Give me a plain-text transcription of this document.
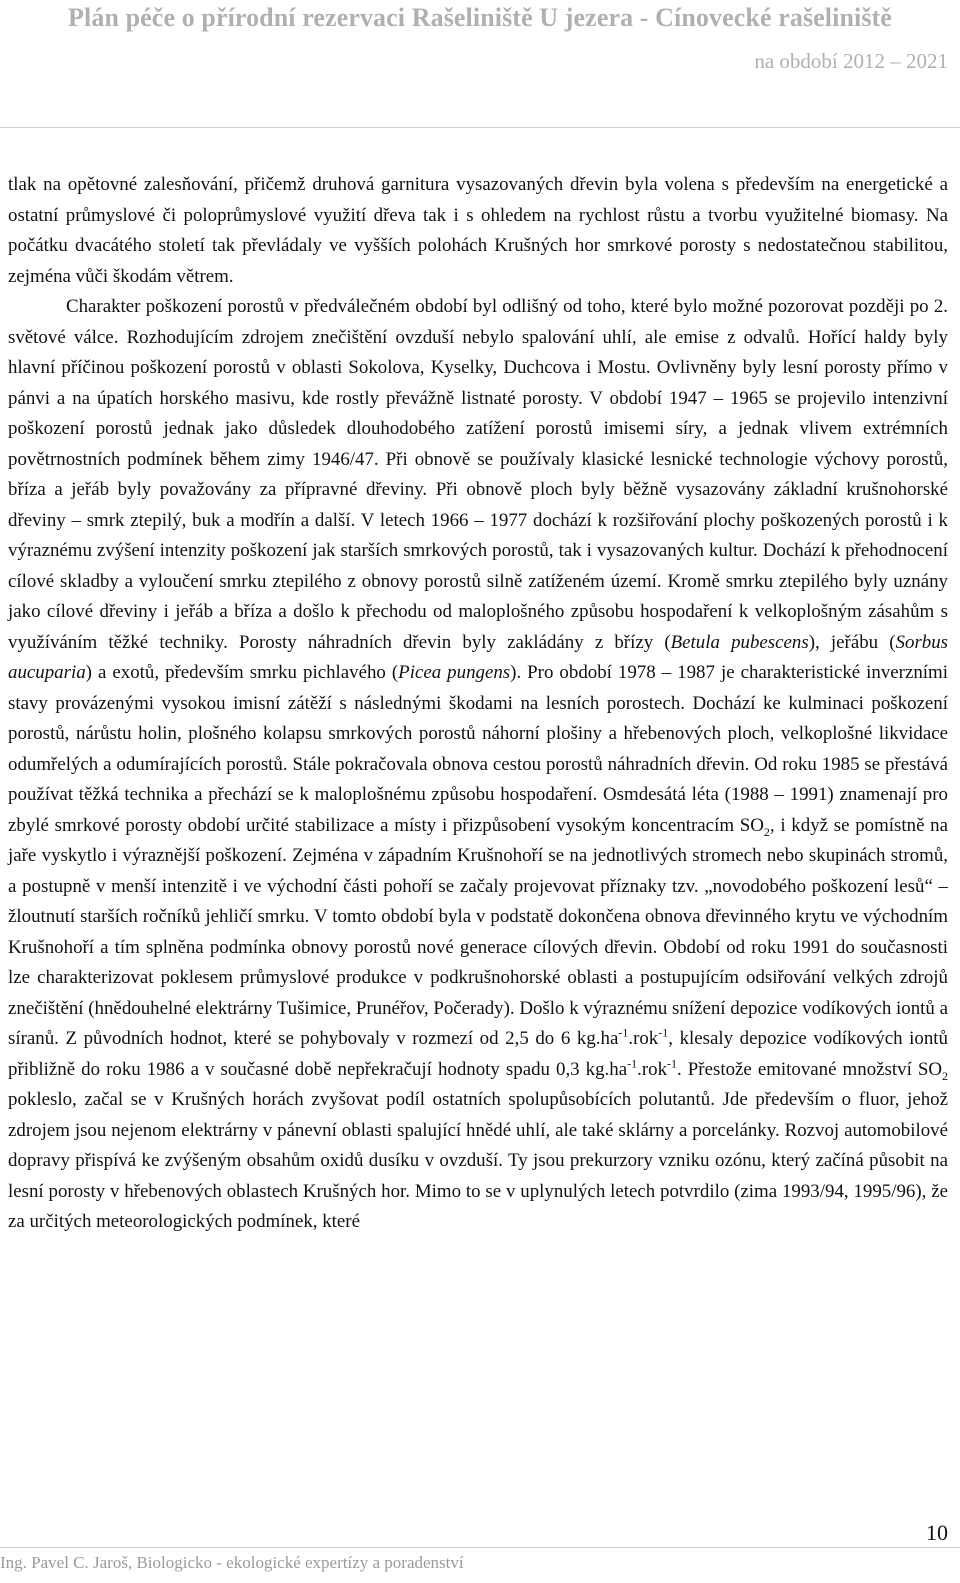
Plán péče o přírodní rezervaci Rašeliniště U jezera - Cínovecké rašeliniště
na období 2012 – 2021

tlak na opětovné zalesňování, přičemž druhová garnitura vysazovaných dřevin byla volena s především na energetické a ostatní průmyslové či poloprůmyslové využití dřeva tak i s ohledem na rychlost růstu a tvorbu využitelné biomasy. Na počátku dvacátého století tak převládaly ve vyšších polohách Krušných hor smrkové porosty s nedostatečnou stabilitou, zejména vůči škodám větrem.

Charakter poškození porostů v předválečném období byl odlišný od toho, které bylo možné pozorovat později po 2. světové válce. Rozhodujícím zdrojem znečištění ovzduší nebylo spalování uhlí, ale emise z odvalů. Hořící haldy byly hlavní příčinou poškození porostů v oblasti Sokolova, Kyselky, Duchcova i Mostu. Ovlivněny byly lesní porosty přímo v pánvi a na úpatích horského masivu, kde rostly převážně listnaté porosty. V období 1947 – 1965 se projevilo intenzivní poškození porostů jednak jako důsledek dlouhodobého zatížení porostů imisemi síry, a jednak vlivem extrémních povětrnostních podmínek během zimy 1946/47. Při obnově se používaly klasické lesnické technologie výchovy porostů, bříza a jeřáb byly považovány za přípravné dřeviny. Při obnově ploch byly běžně vysazovány základní krušnohorské dřeviny – smrk ztepilý, buk a modřín a další. V letech 1966 – 1977 dochází k rozšiřování plochy poškozených porostů i k výraznému zvýšení intenzity poškození jak starších smrkových porostů, tak i vysazovaných kultur. Dochází k přehodnocení cílové skladby a vyloučení smrku ztepilého z obnovy porostů silně zatíženém území. Kromě smrku ztepilého byly uznány jako cílové dřeviny i jeřáb a bříza a došlo k přechodu od maloplošného způsobu hospodaření k velkoplošným zásahům s využíváním těžké techniky. Porosty náhradních dřevin byly zakládány z břízy (Betula pubescens), jeřábu (Sorbus aucuparia) a exotů, především smrku pichlavého (Picea pungens). Pro období 1978 – 1987 je charakteristické inverzními stavy provázenými vysokou imisní zátěží s následnými škodami na lesních porostech. Dochází ke kulminaci poškození porostů, nárůstu holin, plošného kolapsu smrkových porostů náhorní plošiny a hřebenových ploch, velkoplošné likvidace odumřelých a odumírajících porostů. Stále pokračovala obnova cestou porostů náhradních dřevin. Od roku 1985 se přestává používat těžká technika a přechází se k maloplošnému způsobu hospodaření. Osmdesátá léta (1988 – 1991) znamenají pro zbylé smrkové porosty období určité stabilizace a místy i přizpůsobení vysokým koncentracím $SO_2$, i když se pomístně na jaře vyskytlo i výraznější poškození. Zejména v západním Krušnohoří se na jednotlivých stromech nebo skupinách stromů, a postupně v menší intenzitě i ve východní části pohoří se začaly projevovat příznaky tzv. „novodobého poškození lesů“ – žloutnutí starších ročníků jehličí smrku. V tomto období byla v podstatě dokončena obnova dřevinného krytu ve východním Krušnohoří a tím splněna podmínka obnovy porostů nové generace cílových dřevin. Období od roku 1991 do současnosti lze charakterizovat poklesem průmyslové produkce v podkrušnohorské oblasti a postupujícím odsiřování velkých zdrojů znečištění (hnědouhelné elektrárny Tušimice, Prunéřov, Počerady). Došlo k výraznému snížení depozice vodíkových iontů a síranů. Z původních hodnot, které se pohybovaly v rozmezí od 2,5 do 6 $kg.ha^{-1}.rok^{-1}$, klesaly depozice vodíkových iontů přibližně do roku 1986 a v současné době nepřekračují hodnoty spadu 0,3 $kg.ha^{-1}.rok^{-1}$. Přestože emitované množství $SO_2$ pokleslo, začal se v Krušných horách zvyšovat podíl ostatních spolupůsobících polutantů. Jde především o fluor, jehož zdrojem jsou nejenom elektrárny v pánevní oblasti spalující hnědé uhlí, ale také sklárny a porcelánky. Rozvoj automobilové dopravy přispívá ke zvýšeným obsahům oxidů dusíku v ovzduší. Ty jsou prekurzory vzniku ozónu, který začíná působit na lesní porosty v hřebenových oblastech Krušných hor. Mimo to se v uplynulých letech potvrdilo (zima 1993/94, 1995/96), že za určitých meteorologických podmínek, které

10
Ing. Pavel C. Jaroš, Biologicko - ekologické expertízy a poradenství
